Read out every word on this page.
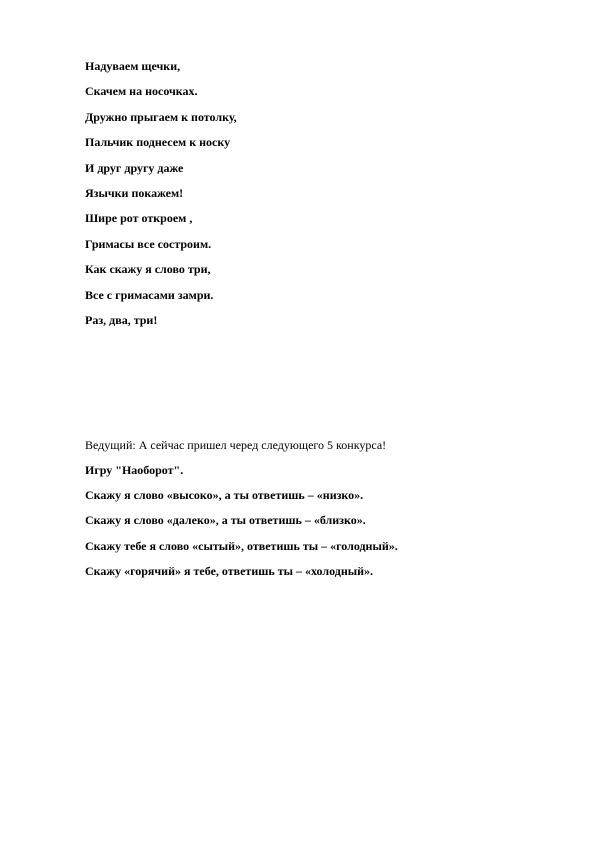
Надуваем щечки,
Скачем на носочках.
Дружно прыгаем к потолку,
Пальчик поднесем к носку
И друг другу даже
Язычки покажем!
Шире рот откроем ,
Гримасы все состроим.
Как скажу я слово три,
Все с гримасами замри.
Раз, два, три!
Ведущий: А сейчас пришел черед следующего 5 конкурса!
Игру "Наоборот".
Скажу я слово «высоко», а ты ответишь – «низко».
Скажу я слово «далеко», а ты ответишь – «близко».
Скажу тебе я слово «сытый», ответишь ты – «голодный».
Скажу «горячий» я тебе, ответишь ты – «холодный».
